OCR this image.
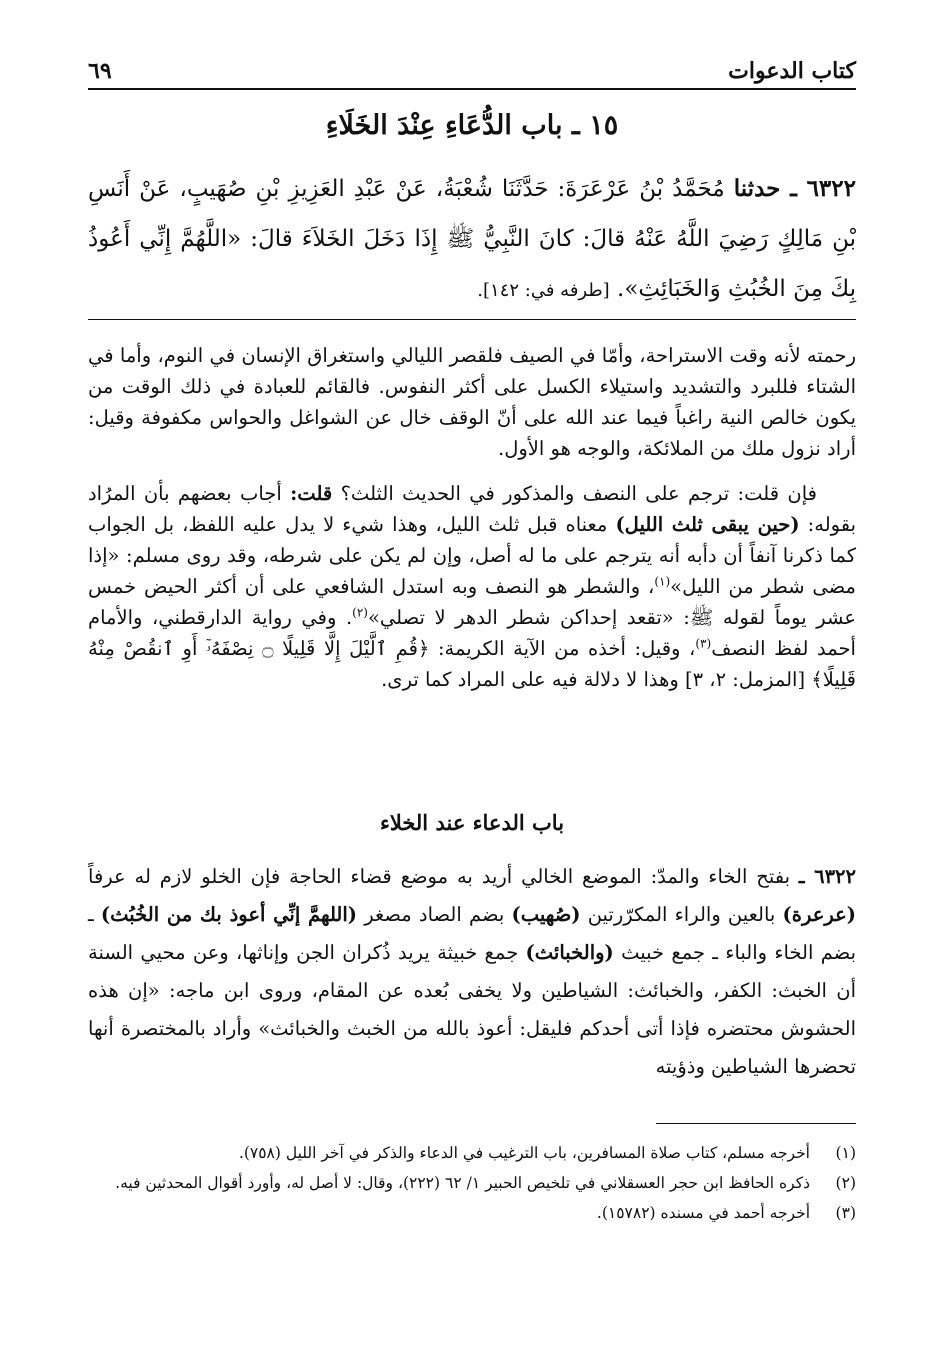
كتاب الدعوات
٦٩
١٥ ـ باب الدُّعَاءِ عِنْدَ الخَلَاءِ
٦٣٢٢ ـ حدثنا مُحَمَّدُ بْنُ عَرْعَرَةَ: حَدَّثَنَا شُعْبَةُ، عَنْ عَبْدِ العَزِيزِ بْنِ صُهَيبٍ، عَنْ أَنَسِ بْنِ مَالِكٍ رَضِيَ اللَّهُ عَنْهُ قالَ: كانَ النَّبِيُّ ﷺ إِذَا دَخَلَ الخَلاَءَ قالَ: «اللَّهُمَّ إِنِّي أَعُوذُ بِكَ مِنَ الخُبُثِ وَالخَبَائِثِ». [طرفه في: ١٤٢].

رحمته لأنه وقت الاستراحة، وأمّا في الصيف فلقصر الليالي واستغراق الإنسان في النوم، وأما في الشتاء فللبرد والتشديد واستيلاء الكسل على أكثر النفوس. فالقائم للعبادة في ذلك الوقت من يكون خالص النية راغباً فيما عند الله على أنّ الوقف خال عن الشواغل والحواس مكفوفة وقيل: أراد نزول ملك من الملائكة، والوجه هو الأول.

فإن قلت: ترجم على النصف والمذكور في الحديث الثلث؟ قلت: أجاب بعضهم بأن المرُاد بقوله: (حين يبقى ثلث الليل) معناه قبل ثلث الليل، وهذا شيء لا يدل عليه اللفظ، بل الجواب كما ذكرنا آنفاً أن دأبه أنه يترجم على ما له أصل، وإن لم يكن على شرطه، وقد روى مسلم: «إذا مضى شطر من الليل»$^{(١)}$، والشطر هو النصف وبه استدل الشافعي على أن أكثر الحيض خمس عشر يوماً لقوله ﷺ: «تقعد إحداكن شطر الدهر لا تصلي»$^{(٢)}$. وفي رواية الدارقطني، والأمام أحمد لفظ النصف$^{(٣)}$، وقيل: أخذه من الآية الكريمة: ﴿قُمِ ٱلَّيْلَ إِلَّا قَلِيلًا ۝ نِصْفَهُۥٓ أَوِ ٱنقُصْ مِنْهُ قَلِيلًا﴾ [المزمل: ٢، ٣] وهذا لا دلالة فيه على المراد كما ترى.

باب الدعاء عند الخلاء

٦٣٢٢ ـ بفتح الخاء والمدّ: الموضع الخالي أريد به موضع قضاء الحاجة فإن الخلو لازم له عرفاً (عرعرة) بالعين والراء المكرّرتين (صُهيب) بضم الصاد مصغر (اللهمَّ إنِّي أعوذ بك من الخُبُث) ـ بضم الخاء والباء ـ جمع خبيث (والخبائث) جمع خبيثة يريد ذُكران الجن وإناثها، وعن محيي السنة أن الخبث: الكفر، والخبائث: الشياطين ولا يخفى بُعده عن المقام، وروى ابن ماجه: «إن هذه الحشوش محتضره فإذا أتى أحدكم فليقل: أعوذ بالله من الخبث والخبائث» وأراد بالمختصرة أنها تحضرها الشياطين وذؤيته

(١)
أخرجه مسلم، كتاب صلاة المسافرين، باب الترغيب في الدعاء والذكر في آخر الليل (٧٥٨).
(٢)
ذكره الحافظ ابن حجر العسقلاني في تلخيص الحبير ١/ ٦٢ (٢٢٢)، وقال: لا أصل له، وأورد أقوال المحدثين فيه.
(٣)
أخرجه أحمد في مسنده (١٥٧٨٢).
